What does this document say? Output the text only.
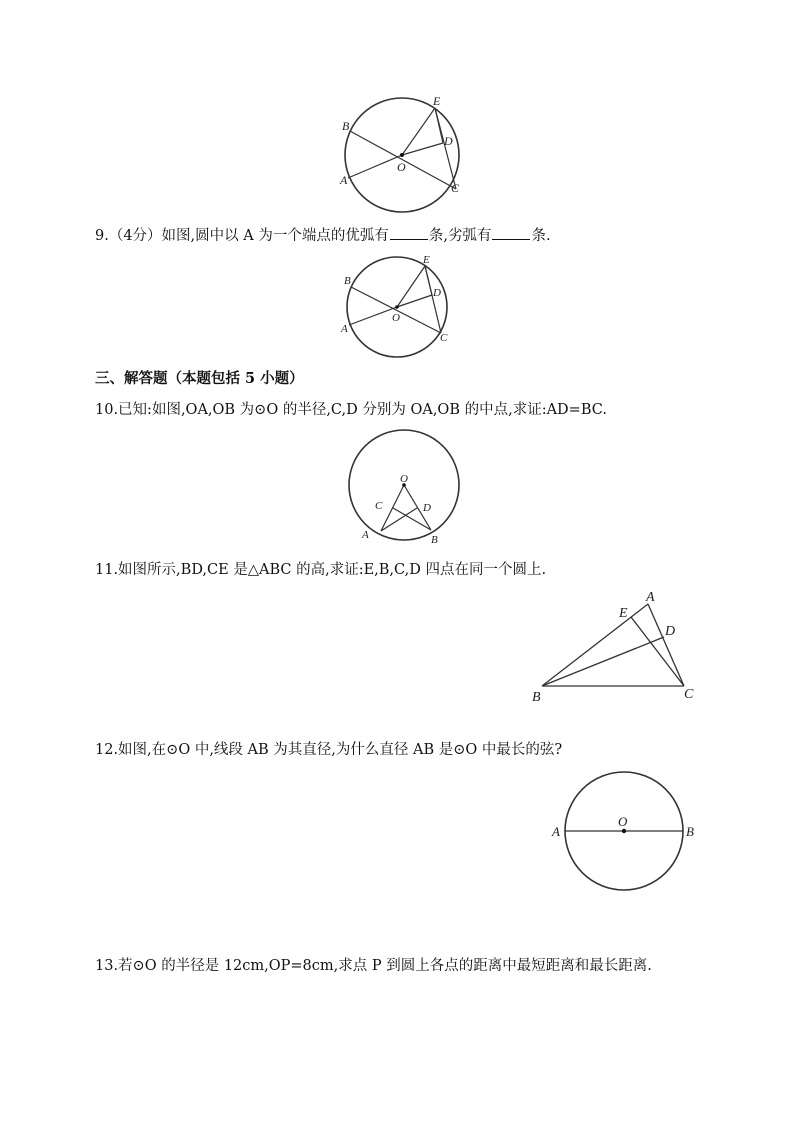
B
A
O
E
D
C
9.（4分）如图,圆中以 A 为一个端点的优弧有	条,劣弧有	条.
B
A
O
E
D
C
三、解答题（本题包括 5 小题）
10.已知:如图,OA,OB 为⊙O 的半径,C,D 分别为 OA,OB 的中点,求证:AD=BC.
O
C	D
A	B
11.如图所示,BD,CE 是△ABC 的高,求证:E,B,C,D 四点在同一个圆上.
A
E
D
B	C
12.如图,在⊙O 中,线段 AB 为其直径,为什么直径 AB 是⊙O 中最长的弦?
O
A	B
13.若⊙O 的半径是 12cm,OP=8cm,求点 P 到圆上各点的距离中最短距离和最长距离.
